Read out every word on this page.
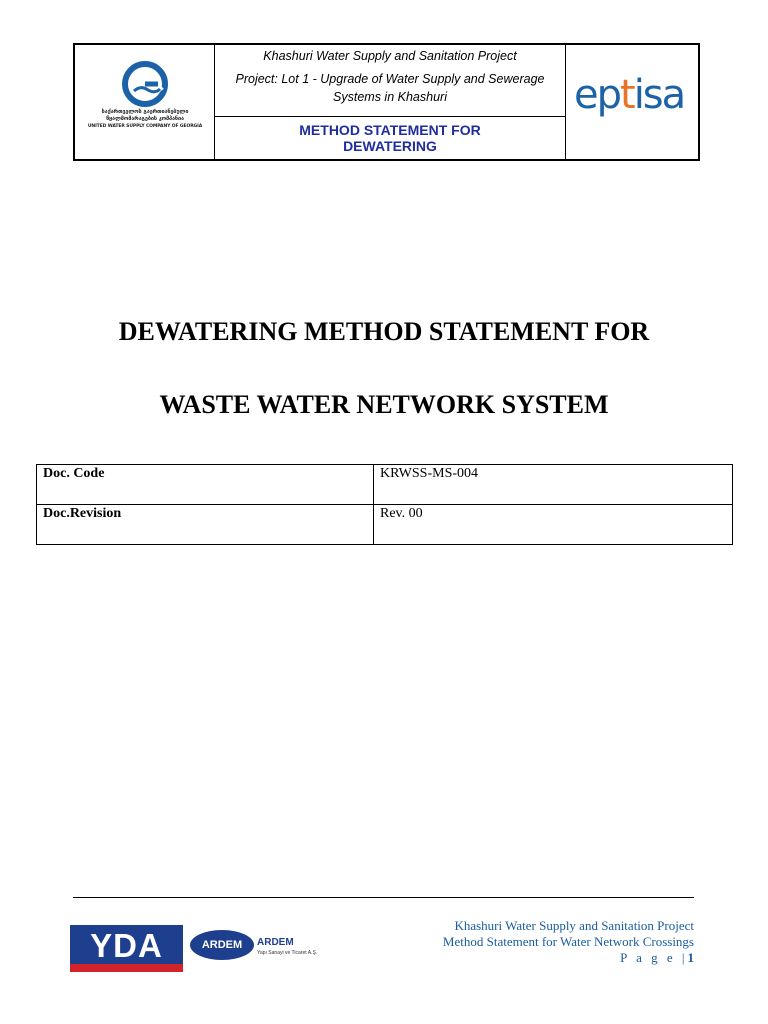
საქართველოს გაერთიანებული
წყალმომარაგების კომპანია
UNITED WATER SUPPLY COMPANY OF GEORGIA
Khashuri Water Supply and Sanitation Project
Project: Lot 1 - Upgrade of Water Supply and Sewerage Systems in Khashuri
METHOD STATEMENT FOR
DEWATERING
eptisa
DEWATERING METHOD STATEMENT FOR
WASTE WATER NETWORK SYSTEM
Doc. Code	KRWSS-MS-004
Doc.Revision	Rev. 00
YDA	ARDEM	ARDEM
Yapı Sanayi ve Ticaret A.Ş.
Khashuri Water Supply and Sanitation Project
Method Statement for Water Network Crossings
P a g e |1
